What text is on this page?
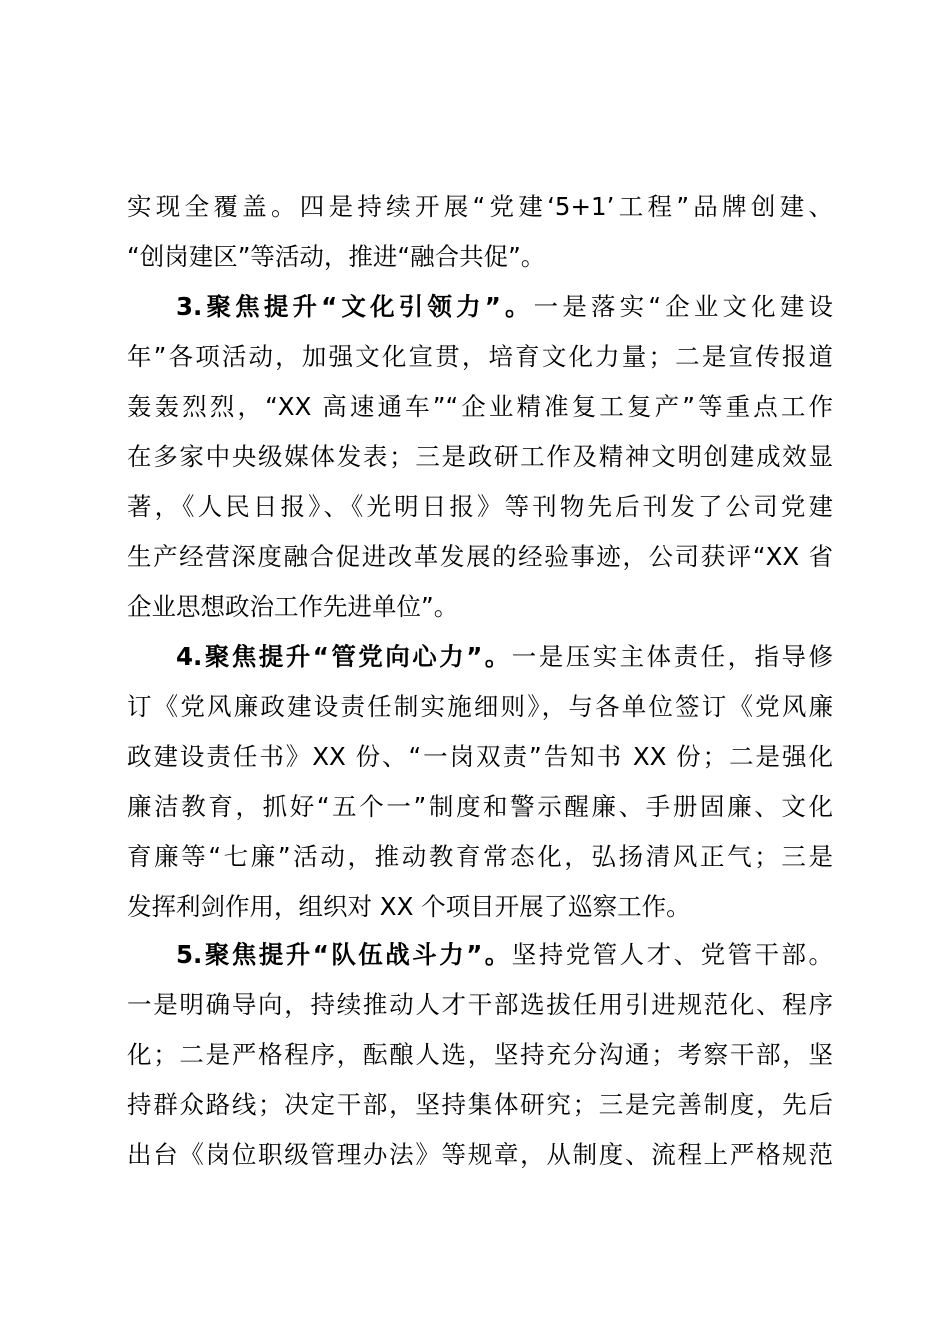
实现全覆盖。四是持续开展“党建‘5+1’工程”品牌创建、
“创岗建区”等活动，推进“融合共促”。
3.聚焦提升“文化引领力”。一是落实“企业文化建设
年”各项活动，加强文化宣贯，培育文化力量；二是宣传报道
轰轰烈烈，“XX 高速通车”“企业精准复工复产”等重点工作
在多家中央级媒体发表；三是政研工作及精神文明创建成效显
著，《人民日报》、《光明日报》等刊物先后刊发了公司党建
生产经营深度融合促进改革发展的经验事迹，公司获评“XX 省
企业思想政治工作先进单位”。
4.聚焦提升“管党向心力”。一是压实主体责任，指导修
订《党风廉政建设责任制实施细则》，与各单位签订《党风廉
政建设责任书》XX 份、“一岗双责”告知书 XX 份；二是强化
廉洁教育，抓好“五个一”制度和警示醒廉、手册固廉、文化
育廉等“七廉”活动，推动教育常态化，弘扬清风正气；三是
发挥利剑作用，组织对 XX 个项目开展了巡察工作。
5.聚焦提升“队伍战斗力”。坚持党管人才、党管干部。
一是明确导向，持续推动人才干部选拔任用引进规范化、程序
化；二是严格程序，酝酿人选，坚持充分沟通；考察干部，坚
持群众路线；决定干部，坚持集体研究；三是完善制度，先后
出台《岗位职级管理办法》等规章，从制度、流程上严格规范
